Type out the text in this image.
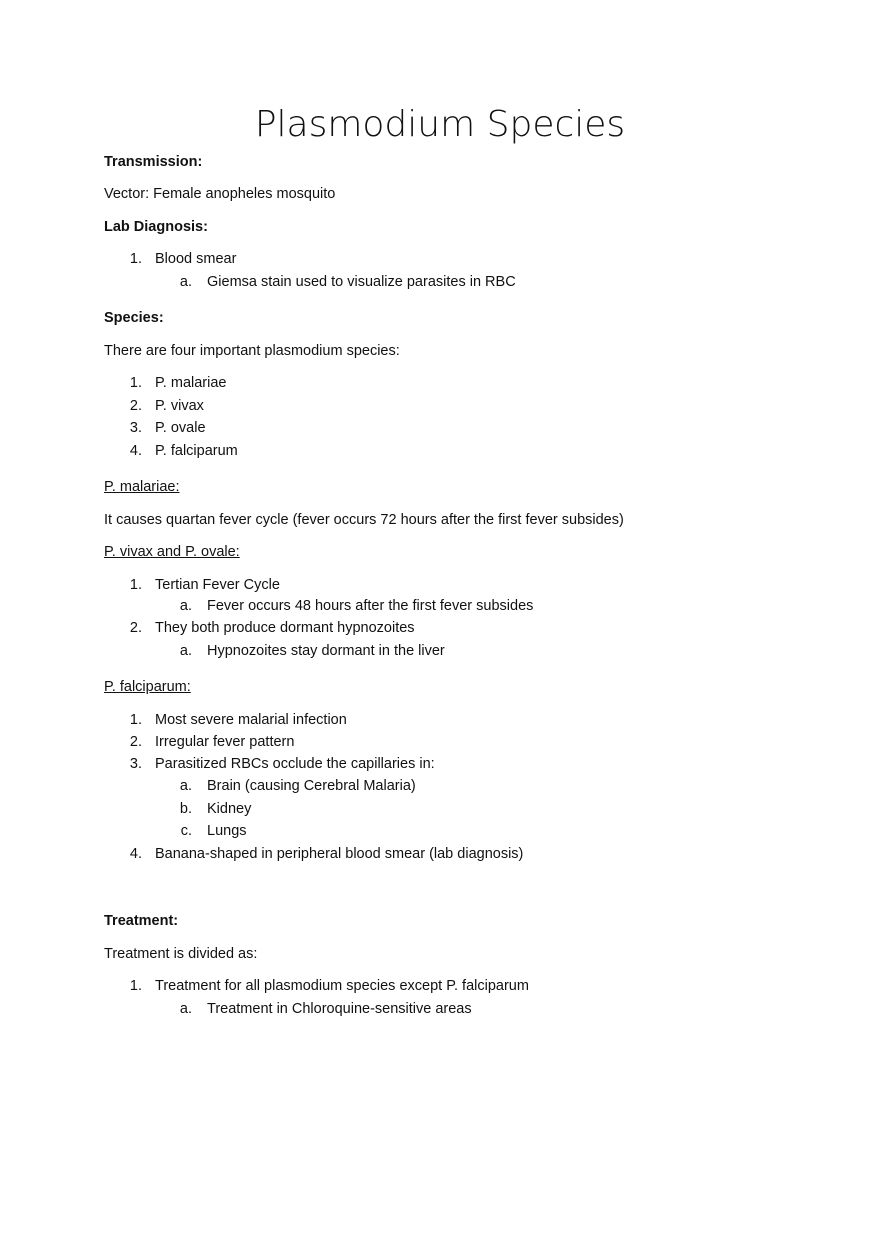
Plasmodium Species
Transmission:
Vector: Female anopheles mosquito
Lab Diagnosis:
1. Blood smear
a. Giemsa stain used to visualize parasites in RBC
Species:
There are four important plasmodium species:
1. P. malariae
2. P. vivax
3. P. ovale
4. P. falciparum
P. malariae:
It causes quartan fever cycle (fever occurs 72 hours after the first fever subsides)
P. vivax and P. ovale:
1. Tertian Fever Cycle
a. Fever occurs 48 hours after the first fever subsides
2. They both produce dormant hypnozoites
a. Hypnozoites stay dormant in the liver
P. falciparum:
1. Most severe malarial infection
2. Irregular fever pattern
3. Parasitized RBCs occlude the capillaries in:
a. Brain (causing Cerebral Malaria)
b. Kidney
c. Lungs
4. Banana-shaped in peripheral blood smear (lab diagnosis)
Treatment:
Treatment is divided as:
1. Treatment for all plasmodium species except P. falciparum
a. Treatment in Chloroquine-sensitive areas
